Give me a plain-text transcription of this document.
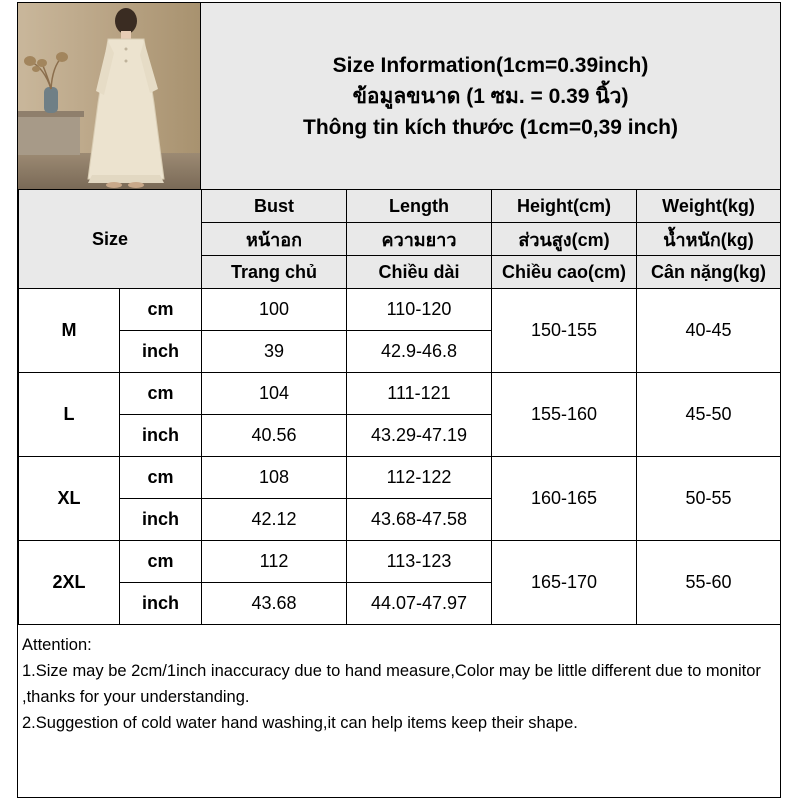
Size Information(1cm=0.39inch)
ข้อมูลขนาด (1 ซม. = 0.39 นิ้ว)
Thông tin kích thước (1cm=0,39 inch)
Size		Bust	Length	Height(cm)	Weight(kg)
		หน้าอก	ความยาว	ส่วนสูง(cm)	น้ำหนัก(kg)
		Trang chủ	Chiều dài	Chiều cao(cm)	Cân nặng(kg)
M	cm	100	110-120	150-155	40-45
	inch	39	42.9-46.8		
L	cm	104	111-121	155-160	45-50
	inch	40.56	43.29-47.19		
XL	cm	108	112-122	160-165	50-55
	inch	42.12	43.68-47.58		
2XL	cm	112	113-123	165-170	55-60
	inch	43.68	44.07-47.97		
Attention:
1.Size may be 2cm/1inch inaccuracy due to hand measure,Color may be little different due to monitor ,thanks for your understanding.
2.Suggestion of cold water hand washing,it can help items keep their shape.
